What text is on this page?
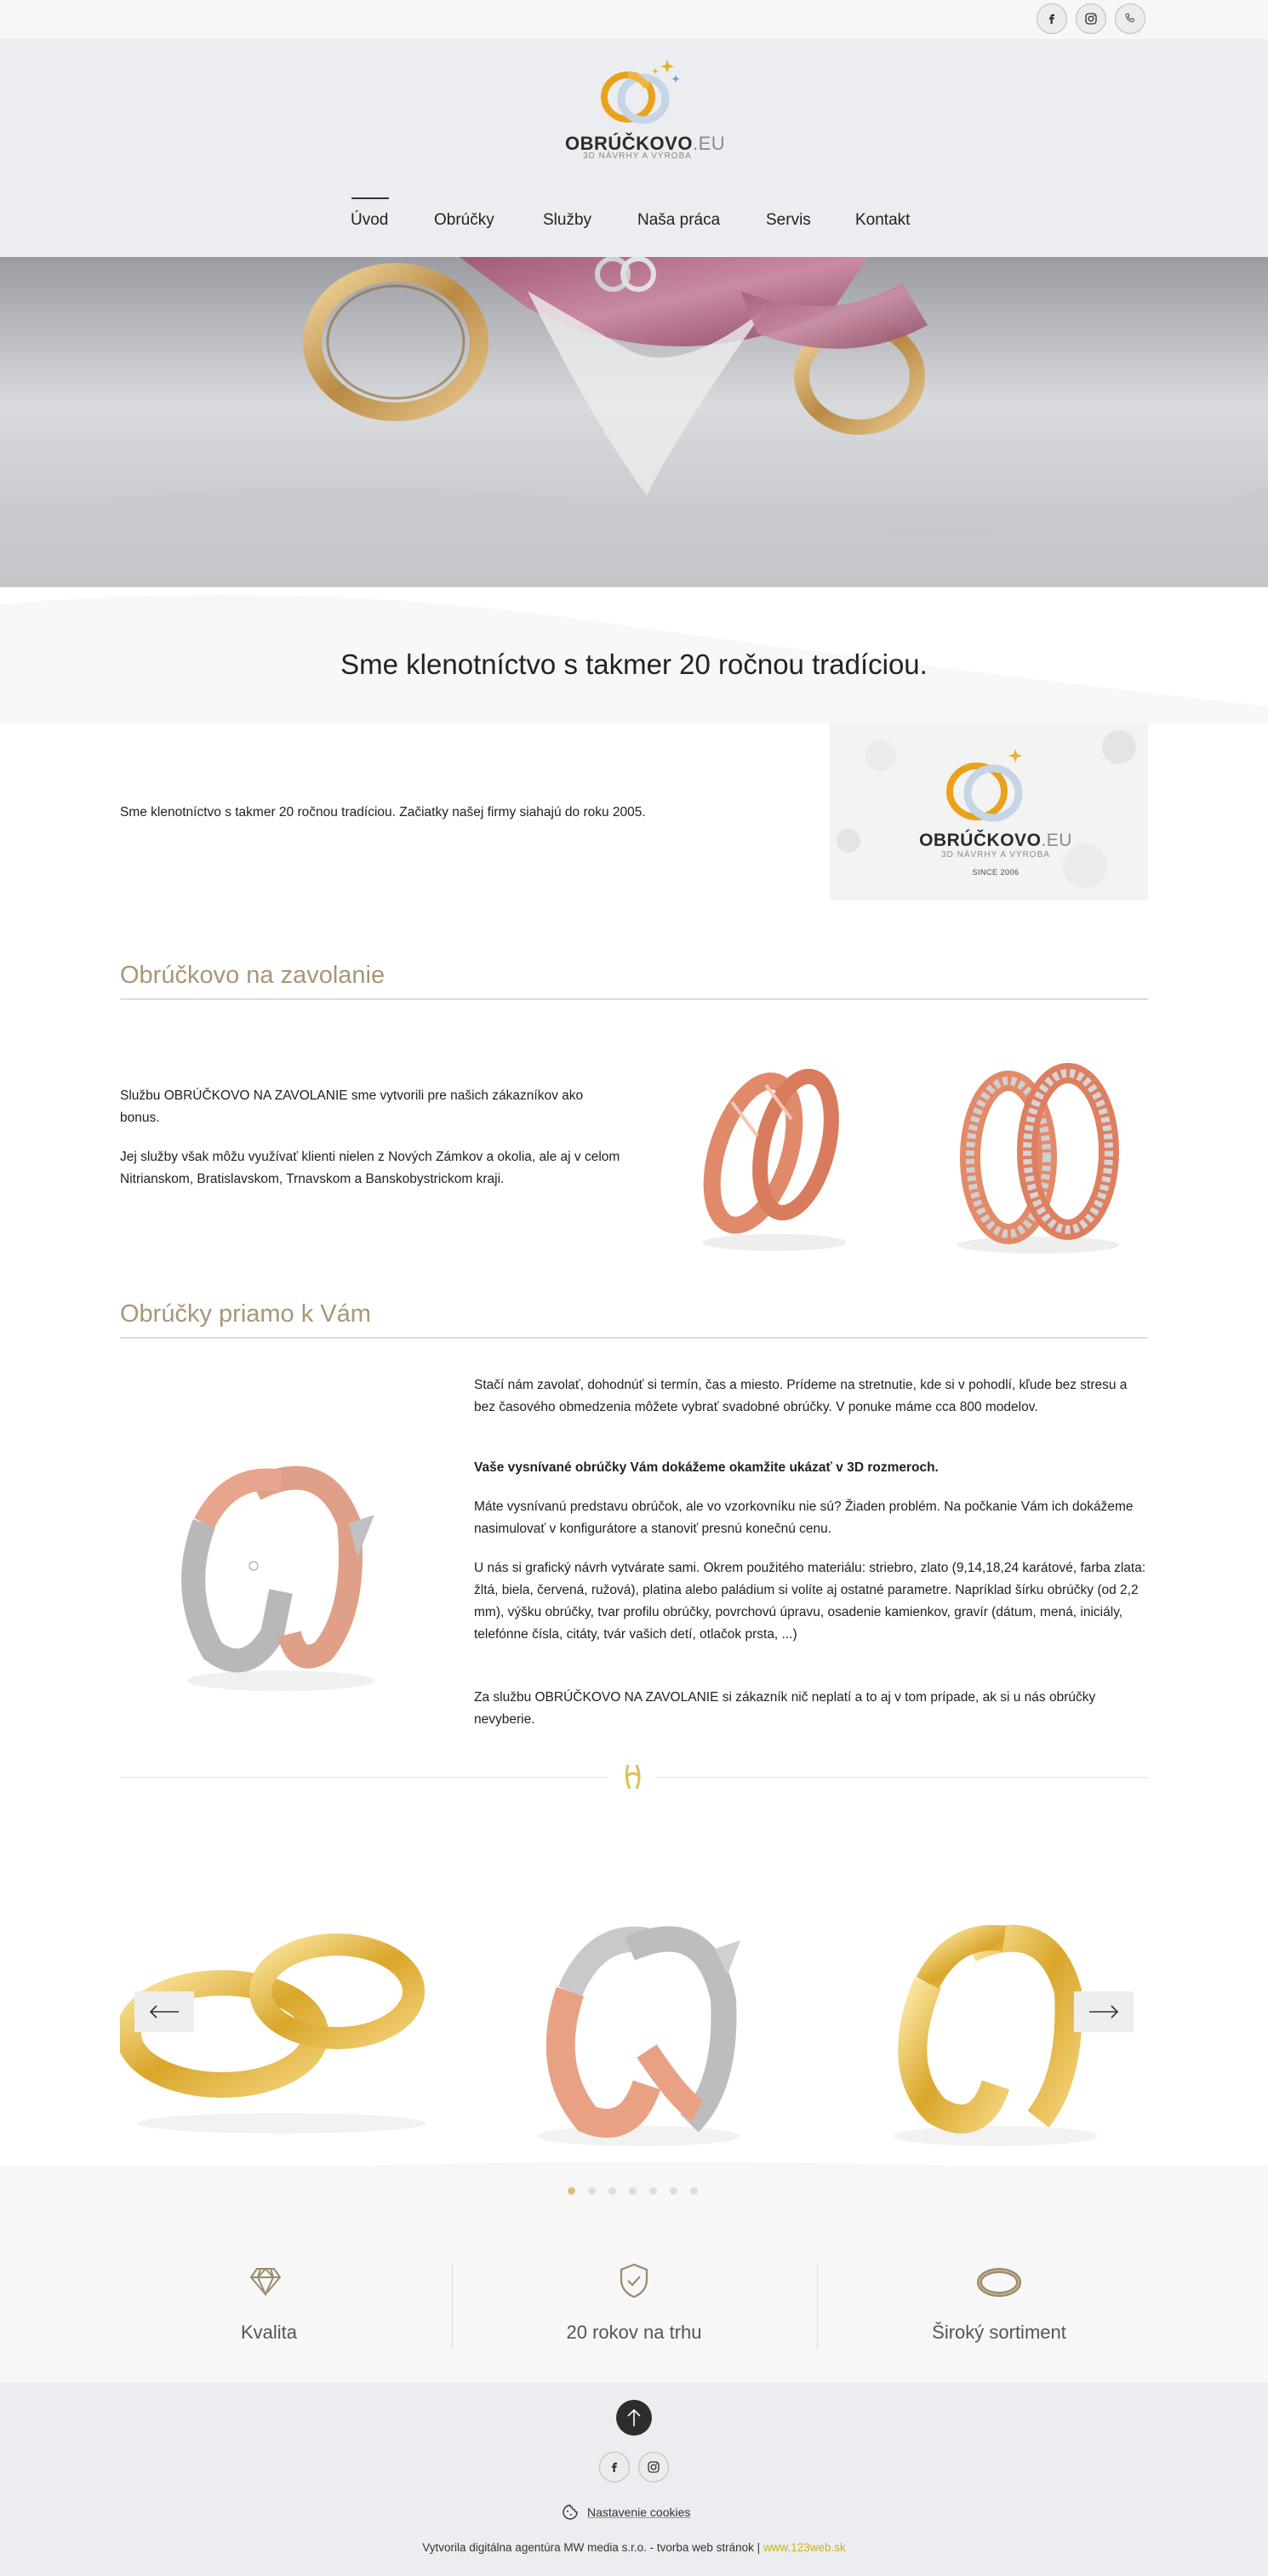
OBRÚČKOVO.EU
3D NÁVRHY A VÝROBA
Úvod	Obrúčky	Služby	Naša práca	Servis	Kontakt
Sme klenotníctvo s takmer 20 ročnou tradíciou.
Sme klenotníctvo s takmer 20 ročnou tradíciou. Začiatky našej firmy siahajú do roku 2005.
OBRÚČKOVO.EU
3D NÁVRHY A VÝROBA
SINCE 2006
Obrúčkovo na zavolanie
Službu OBRÚČKOVO NA ZAVOLANIE sme vytvorili pre našich zákazníkov ako bonus.
Jej služby však môžu využívať klienti nielen z Nových Zámkov a okolia, ale aj v celom Nitrianskom, Bratislavskom, Trnavskom a Banskobystrickom kraji.
Obrúčky priamo k Vám
Stačí nám zavolať, dohodnúť si termín, čas a miesto. Prídeme na stretnutie, kde si v pohodlí, kľude bez stresu a bez časového obmedzenia môžete vybrať svadobné obrúčky. V ponuke máme cca 800 modelov.
Vaše vysnívané obrúčky Vám dokážeme okamžite ukázať v 3D rozmeroch.
Máte vysnívanú predstavu obrúčok, ale vo vzorkovníku nie sú? Žiaden problém. Na počkanie Vám ich dokážeme nasimulovať v konfigurátore a stanoviť presnú konečnú cenu.
U nás si grafický návrh vytvárate sami. Okrem použitého materiálu: striebro, zlato (9,14,18,24 karátové, farba zlata: žltá, biela, červená, ružová), platina alebo paládium si volíte aj ostatné parametre. Napríklad šírku obrúčky (od 2,2 mm), výšku obrúčky, tvar profilu obrúčky, povrchovú úpravu, osadenie kamienkov, gravír (dátum, mená, iniciály, telefónne čísla, citáty, tvár vašich detí, otlačok prsta, ...)
Za službu OBRÚČKOVO NA ZAVOLANIE si zákazník nič neplatí a to aj v tom prípade, ak si u nás obrúčky nevyberie.
Kvalita	20 rokov na trhu	Široký sortiment
Nastavenie cookies
Vytvorila digitálna agentúra MW media s.r.o. - tvorba web stránok | www.123web.sk
